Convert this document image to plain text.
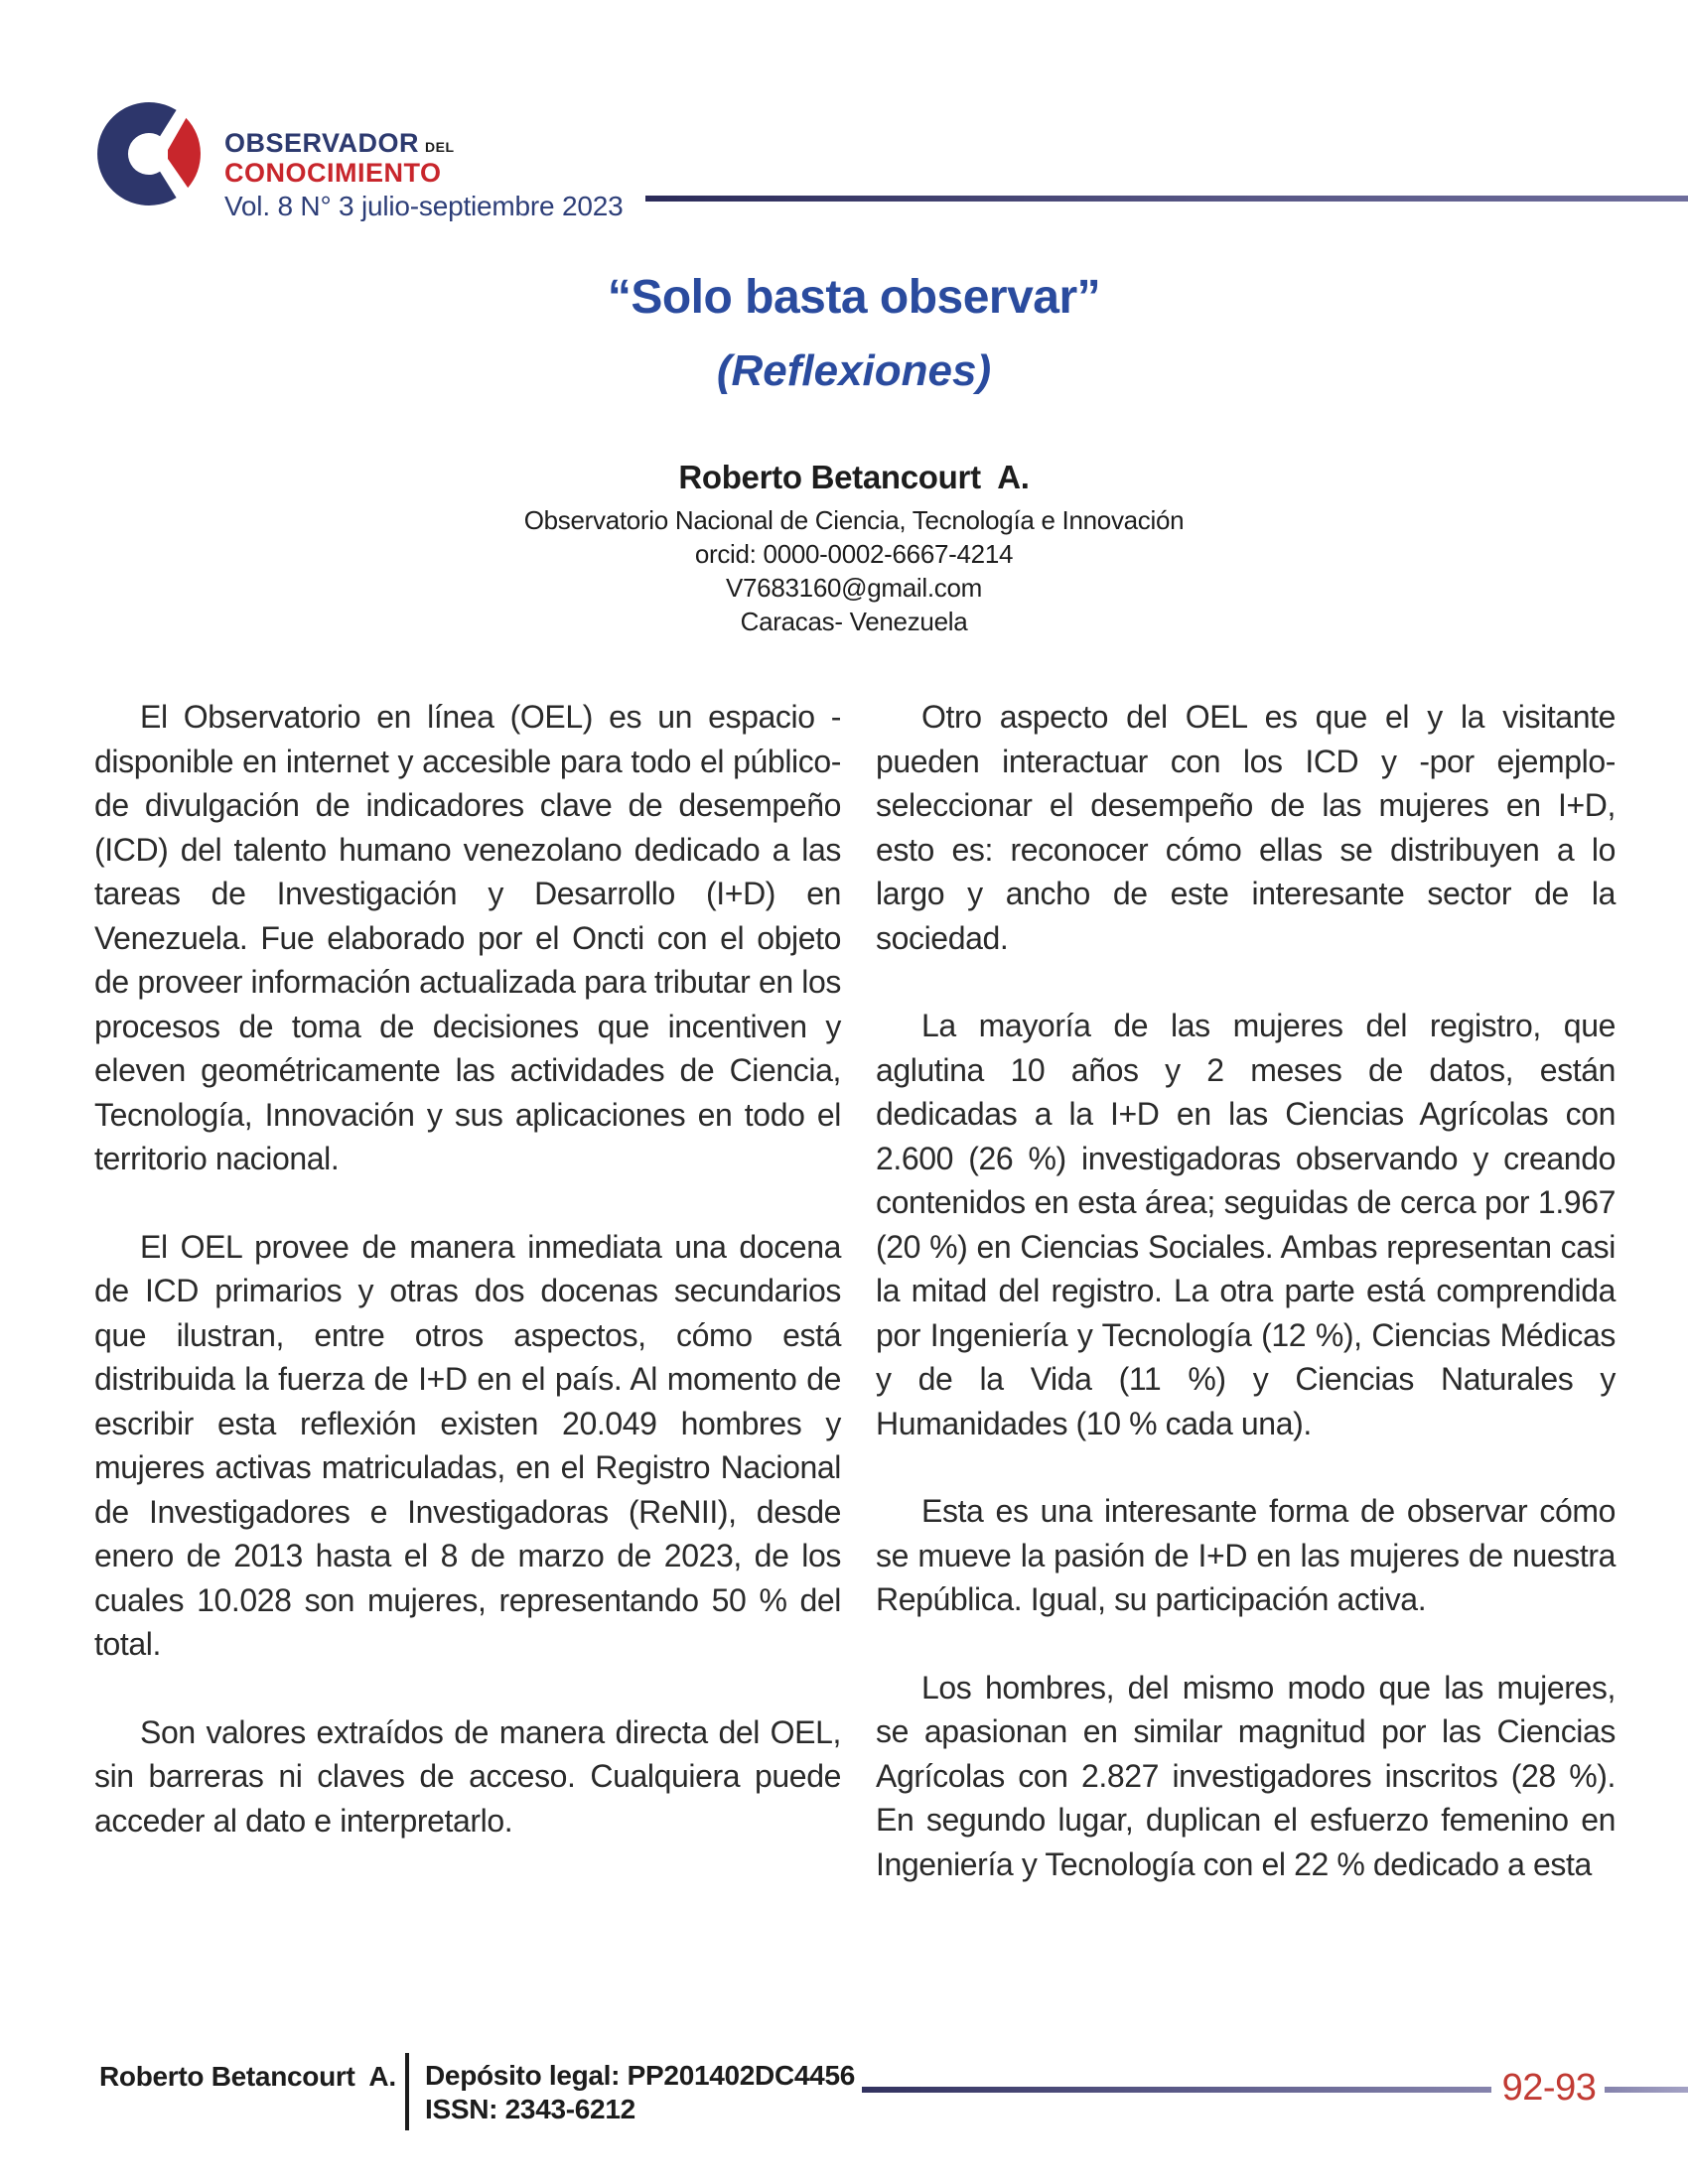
OBSERVADOR DEL
CONOCIMIENTO
Vol. 8 N° 3 julio-septiembre 2023
“Solo basta observar”
(Reflexiones)
Roberto Betancourt  A.
Observatorio Nacional de Ciencia, Tecnología e Innovación
orcid: 0000-0002-6667-4214
V7683160@gmail.com
Caracas- Venezuela

El Observatorio en línea (OEL) es un espacio -disponible en internet y accesible para todo el público- de divulgación de indicadores clave de desempeño (ICD) del talento humano venezolano dedicado a las tareas de Investigación y Desarrollo (I+D) en Venezuela. Fue elaborado por el Oncti con el objeto de proveer información actualizada para tributar en los procesos de toma de decisiones que incentiven y eleven geométricamente las actividades de Ciencia, Tecnología, Innovación y sus aplicaciones en todo el territorio nacional.

El OEL provee de manera inmediata una docena de ICD primarios y otras dos docenas secundarios que ilustran, entre otros aspectos, cómo está distribuida la fuerza de I+D en el país. Al momento de escribir esta reflexión existen 20.049 hombres y mujeres activas matriculadas, en el Registro Nacional de Investigadores e Investigadoras (ReNII), desde enero de 2013 hasta el 8 de marzo de 2023, de los cuales 10.028 son mujeres, representando 50 % del total.

Son valores extraídos de manera directa del OEL, sin barreras ni claves de acceso. Cualquiera puede acceder al dato e interpretarlo.

Otro aspecto del OEL es que el y la visitante pueden interactuar con los ICD y -por ejemplo- seleccionar el desempeño de las mujeres en I+D, esto es: reconocer cómo ellas se distribuyen a lo largo y ancho de este interesante sector de la sociedad.

La mayoría de las mujeres del registro, que aglutina 10 años y 2 meses de datos, están dedicadas a la I+D en las Ciencias Agrícolas con 2.600 (26 %) investigadoras observando y creando contenidos en esta área; seguidas de cerca por 1.967 (20 %) en Ciencias Sociales. Ambas representan casi la mitad del registro. La otra parte está comprendida por Ingeniería y Tecnología (12 %), Ciencias Médicas y de la Vida (11 %) y Ciencias Naturales y Humanidades (10 % cada una).

Esta es una interesante forma de observar cómo se mueve la pasión de I+D en las mujeres de nuestra República. Igual, su participación activa.

Los hombres, del mismo modo que las mujeres, se apasionan en similar magnitud por las Ciencias Agrícolas con 2.827 investigadores inscritos (28 %). En segundo lugar, duplican el esfuerzo femenino en Ingeniería y Tecnología con el 22 % dedicado a esta

Roberto Betancourt  A. Depósito legal: PP201402DC4456
ISSN: 2343-6212
92-93
